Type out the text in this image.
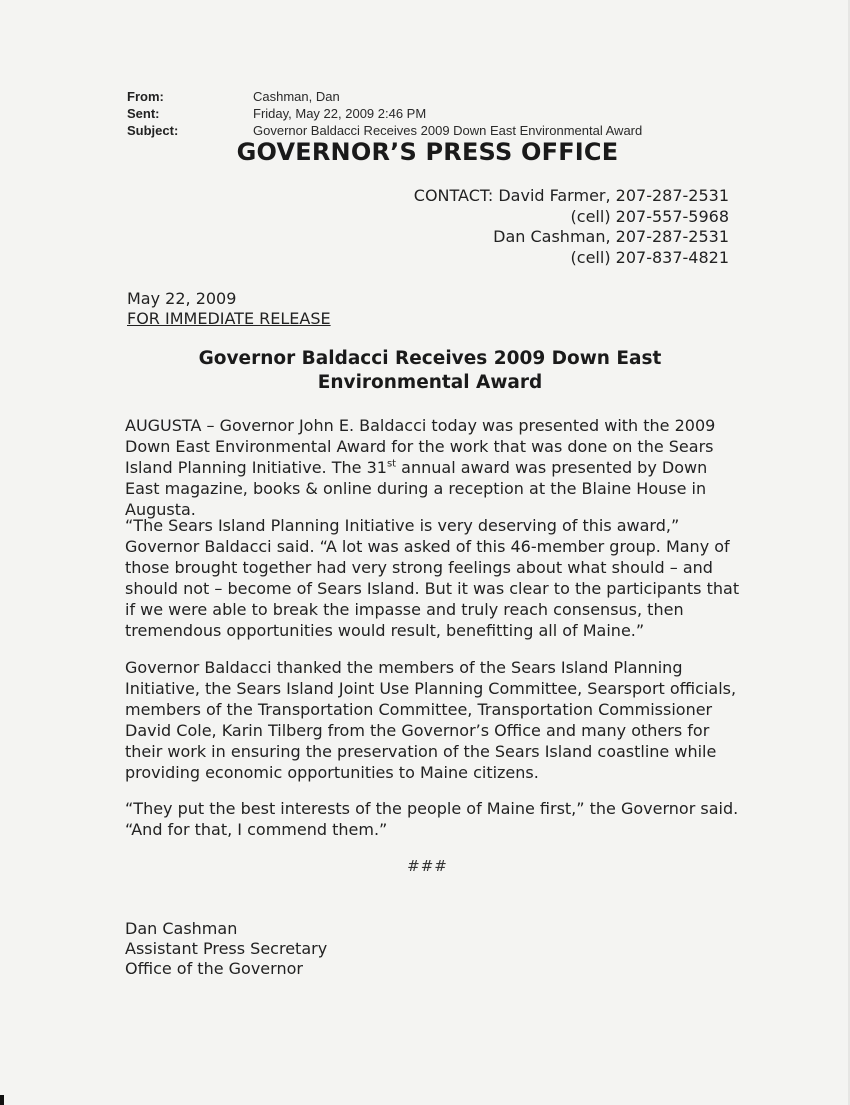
From:	Cashman, Dan
Sent:	Friday, May 22, 2009 2:46 PM
Subject:	Governor Baldacci Receives 2009 Down East Environmental Award
GOVERNOR’S PRESS OFFICE
CONTACT: David Farmer, 207-287-2531
(cell) 207-557-5968
Dan Cashman, 207-287-2531
(cell) 207-837-4821
May 22, 2009
FOR IMMEDIATE RELEASE
Governor Baldacci Receives 2009 Down East Environmental Award
AUGUSTA – Governor John E. Baldacci today was presented with the 2009 Down East Environmental Award for the work that was done on the Sears Island Planning Initiative. The 31st annual award was presented by Down East magazine, books & online during a reception at the Blaine House in Augusta.
“The Sears Island Planning Initiative is very deserving of this award,” Governor Baldacci said. “A lot was asked of this 46-member group. Many of those brought together had very strong feelings about what should – and should not – become of Sears Island. But it was clear to the participants that if we were able to break the impasse and truly reach consensus, then tremendous opportunities would result, benefitting all of Maine.”
Governor Baldacci thanked the members of the Sears Island Planning Initiative, the Sears Island Joint Use Planning Committee, Searsport officials, members of the Transportation Committee, Transportation Commissioner David Cole, Karin Tilberg from the Governor’s Office and many others for their work in ensuring the preservation of the Sears Island coastline while providing economic opportunities to Maine citizens.
“They put the best interests of the people of Maine first,” the Governor said. “And for that, I commend them.”
###
Dan Cashman
Assistant Press Secretary
Office of the Governor
